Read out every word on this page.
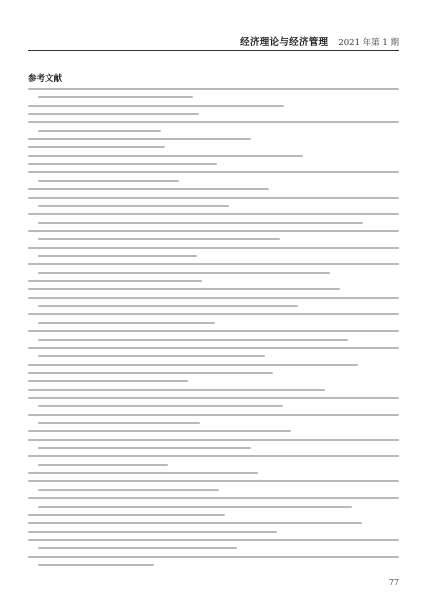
经济理论与经济管理 2021 年第 1 期
参考文献
77
